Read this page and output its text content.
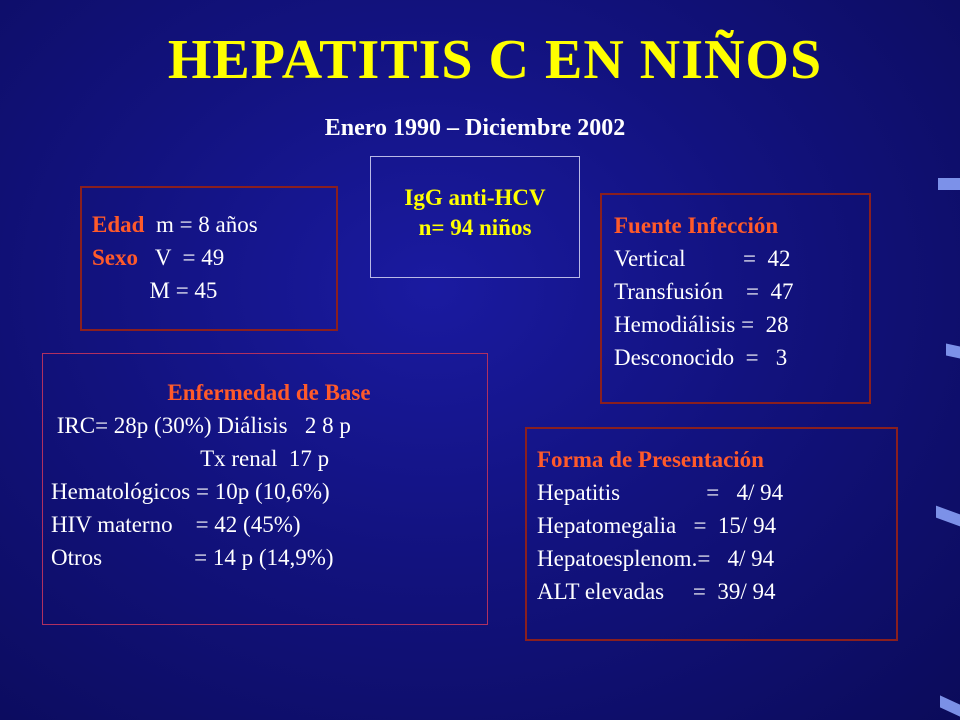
HEPATITIS C EN NIÑOS
Enero 1990 – Diciembre 2002
Edad  m = 8 años
Sexo   V  = 49
M = 45
IgG anti-HCV
n= 94 niños	Fuente Infección
Vertical          =  42
Transfusión    =  47
Hemodiálisis =  28
Desconocido  =   3
Enfermedad de Base
IRC= 28p (30%) Diálisis   2 8 p
Tx renal  17 p
Hematológicos = 10p (10,6%)
HIV materno    = 42 (45%)
Otros                = 14 p (14,9%)
Forma de Presentación
Hepatitis               =   4/ 94
Hepatomegalia   =  15/ 94
Hepatoesplenom.=   4/ 94
ALT elevadas     =  39/ 94
